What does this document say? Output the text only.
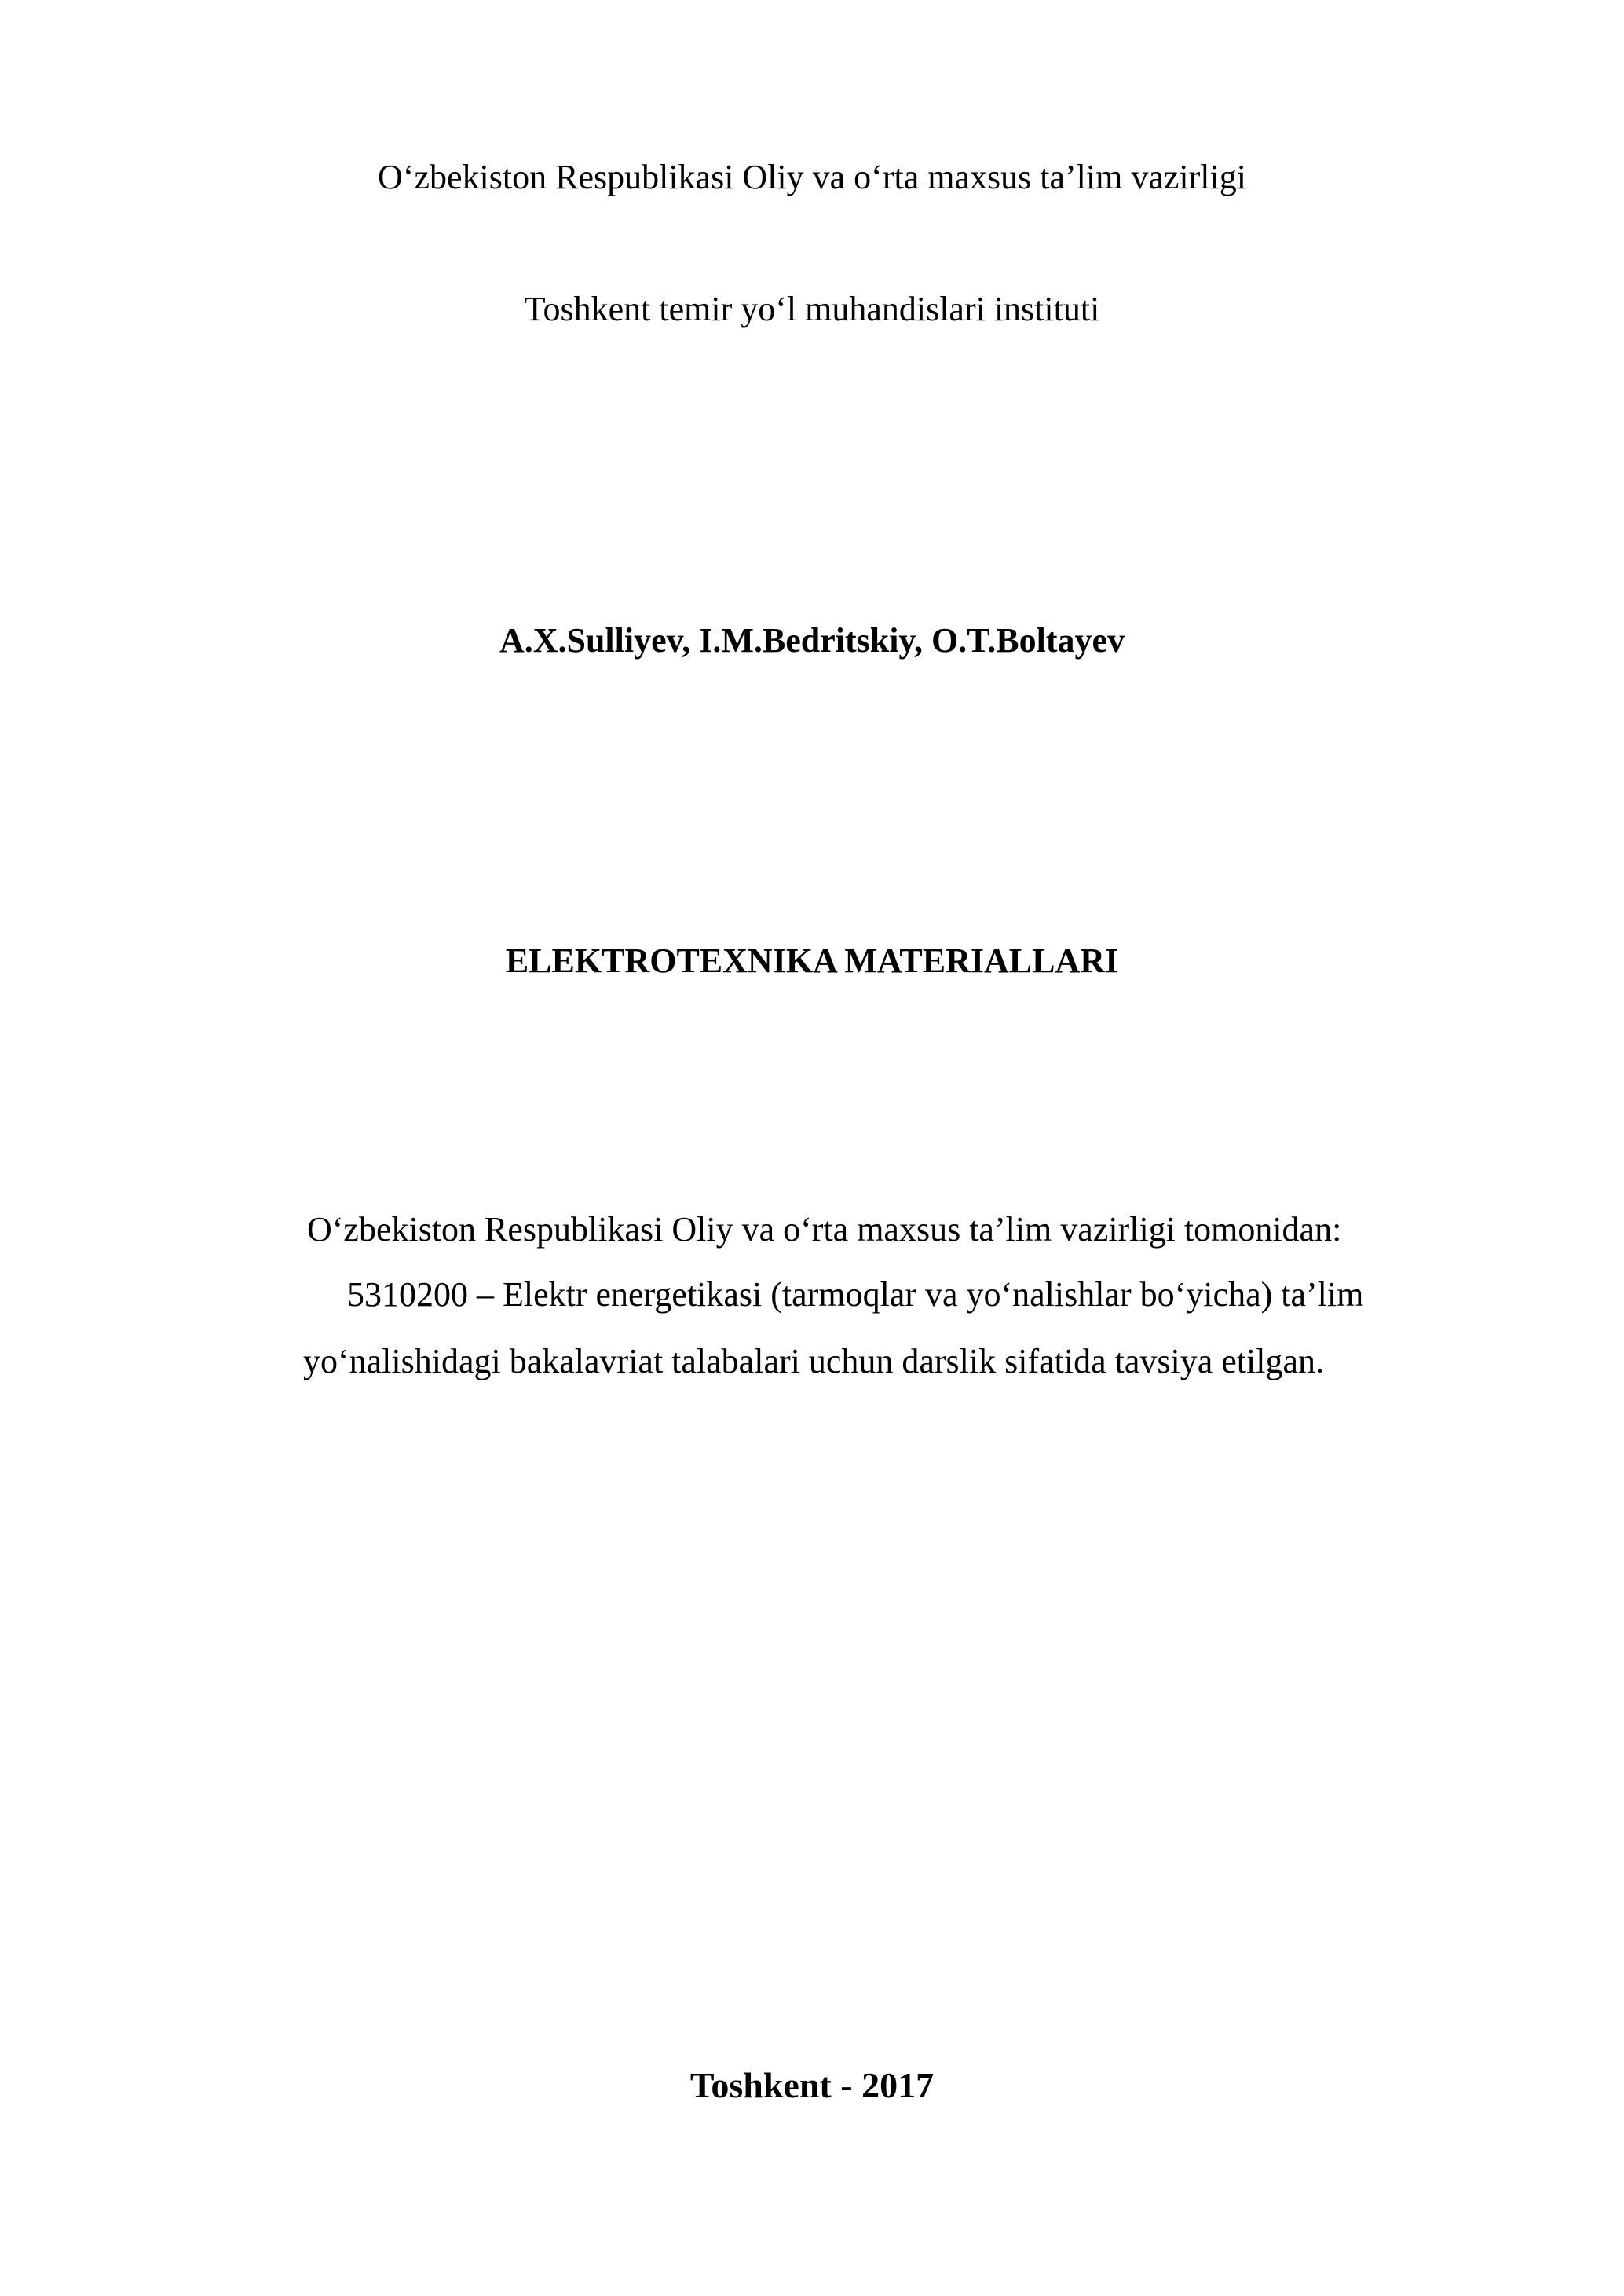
O‘zbekiston Respublikasi Oliy va o‘rta maxsus ta’lim vazirligi
Toshkent temir yo‘l muhandislari instituti
A.X.Sulliyev, I.M.Bedritskiy, O.T.Boltayev
ELEKTROTEXNIKA MATERIALLARI
O‘zbekiston Respublikasi Oliy va o‘rta maxsus ta’lim vazirligi tomonidan:
5310200 – Elektr energetikasi (tarmoqlar va yo‘nalishlar bo‘yicha) ta’lim
yo‘nalishidagi bakalavriat talabalari uchun darslik sifatida tavsiya etilgan.
Toshkent - 2017
